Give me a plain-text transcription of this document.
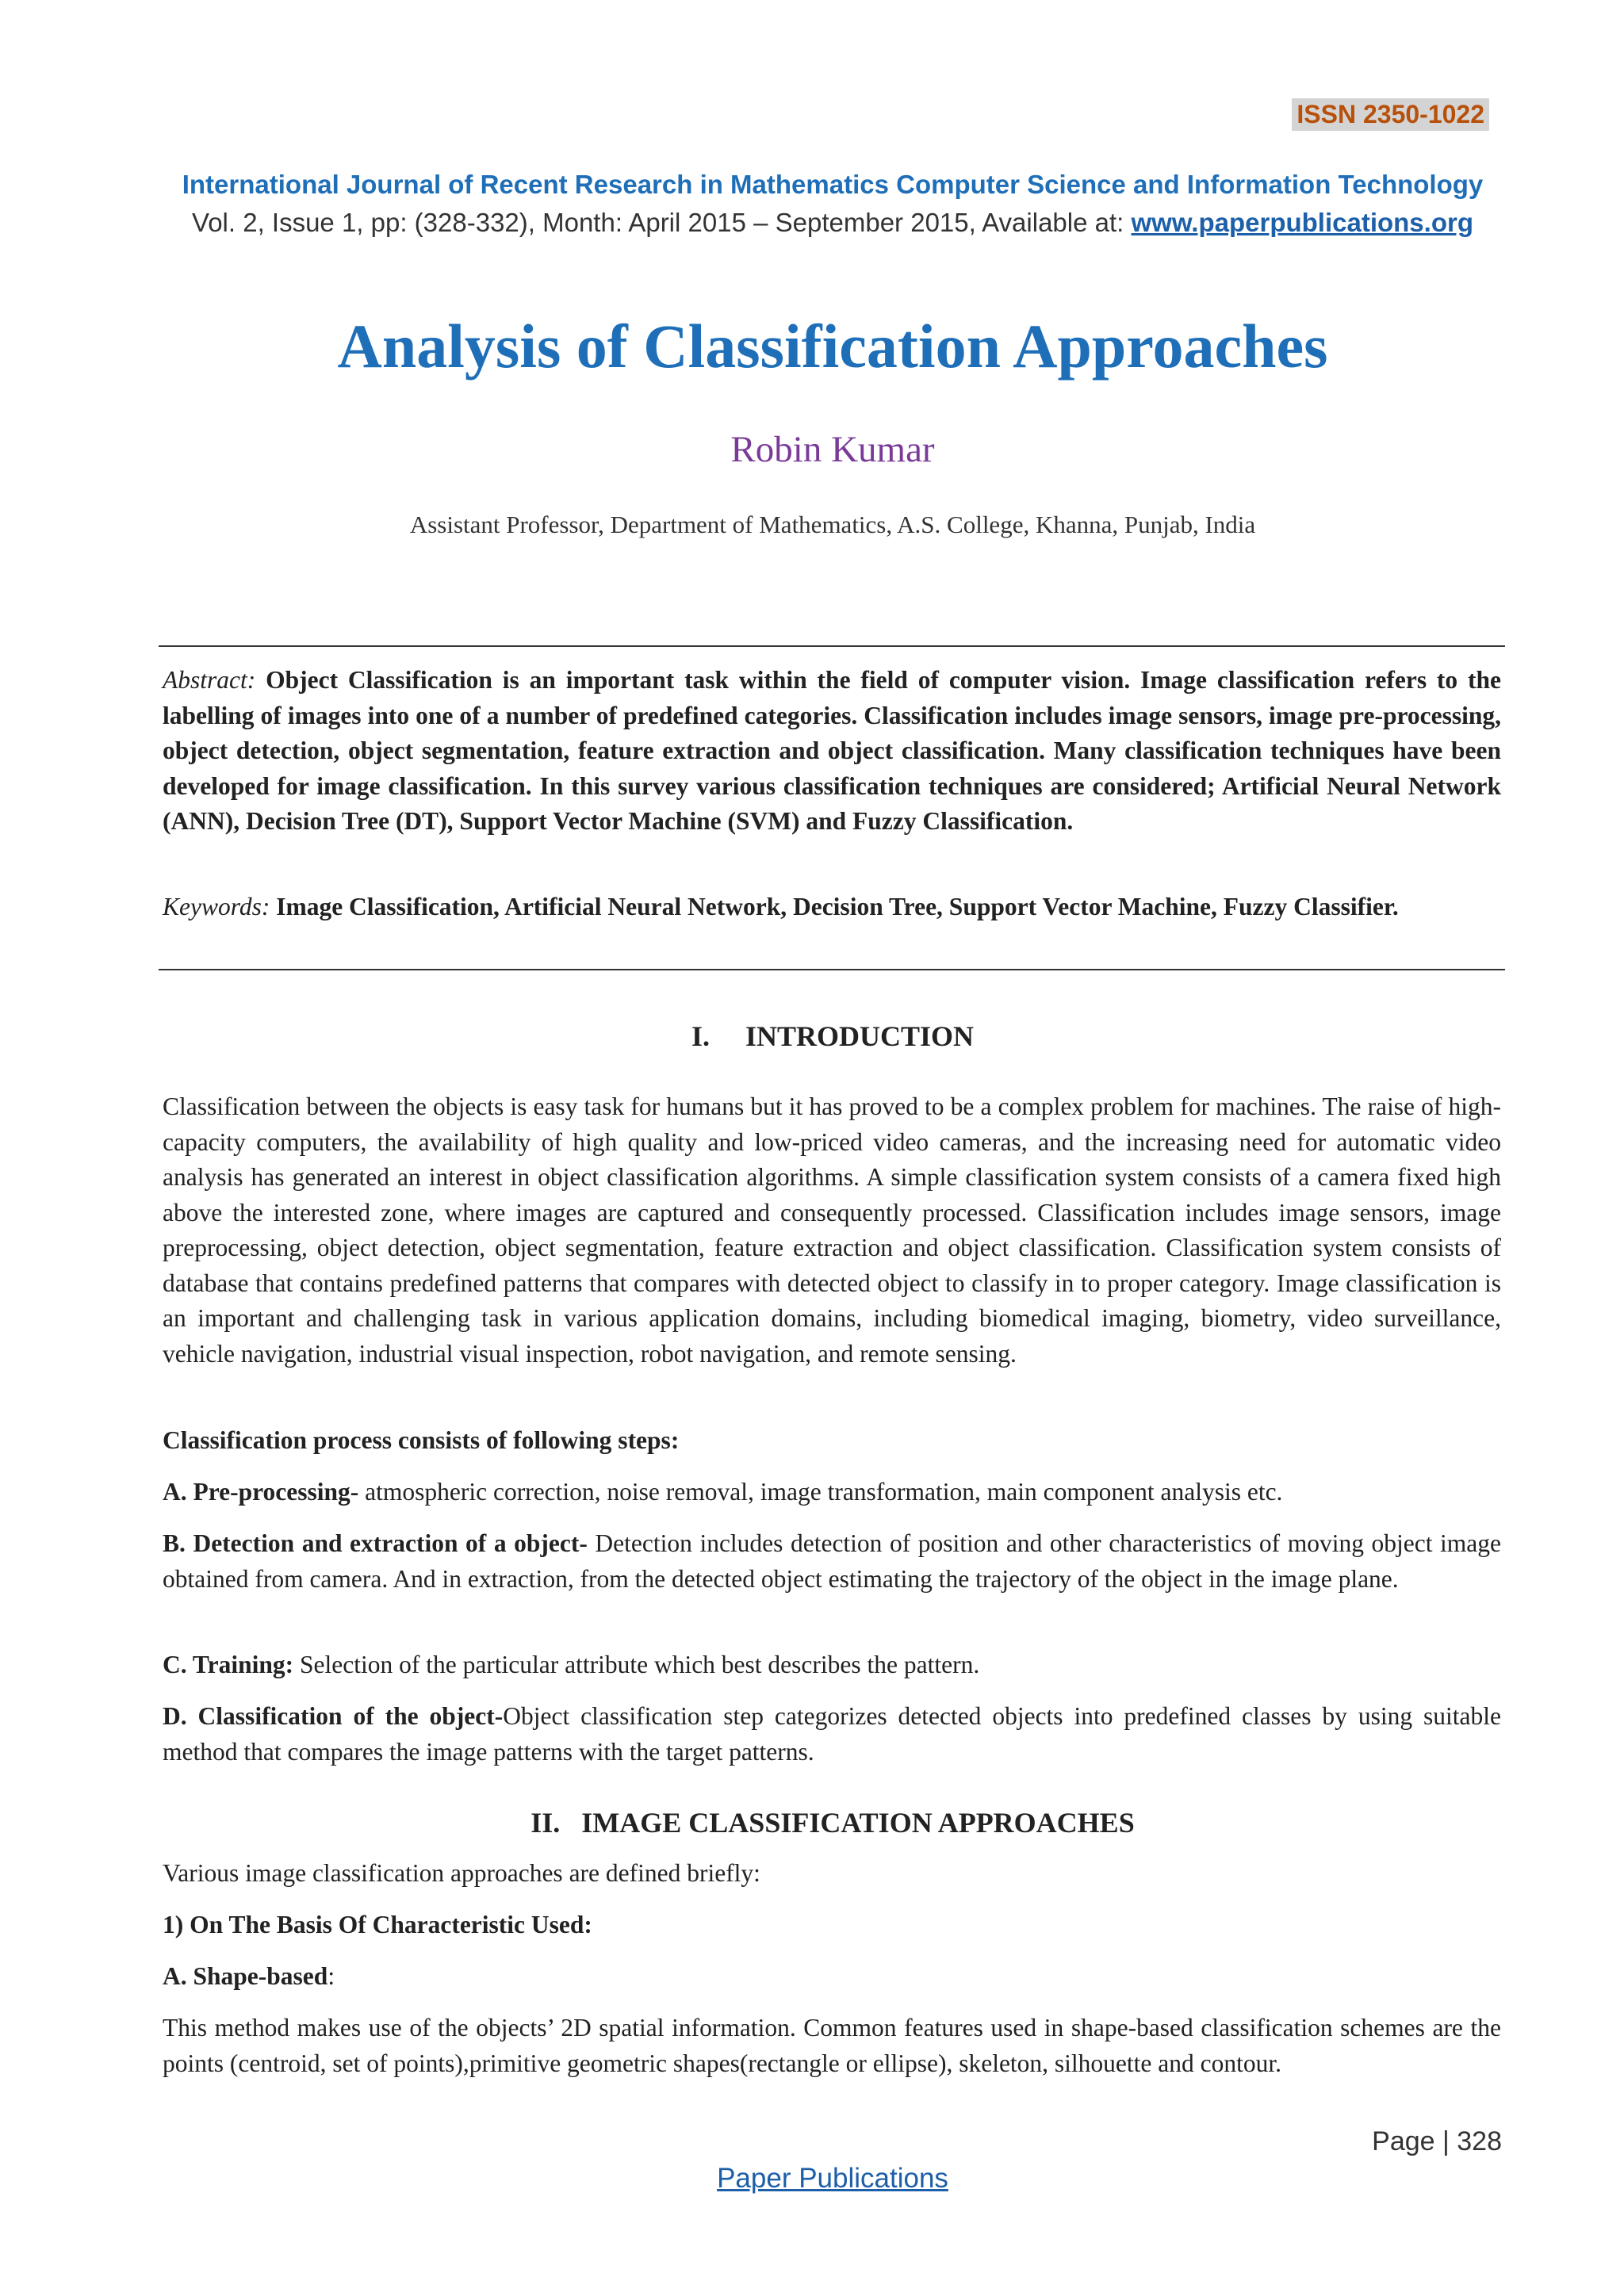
ISSN 2350-1022
International Journal of Recent Research in Mathematics Computer Science and Information Technology
Vol. 2, Issue 1, pp: (328-332), Month: April 2015 – September 2015, Available at: www.paperpublications.org
Analysis of Classification Approaches
Robin Kumar
Assistant Professor, Department of Mathematics, A.S. College, Khanna, Punjab, India

Abstract: Object Classification is an important task within the field of computer vision. Image classification refers to the labelling of images into one of a number of predefined categories. Classification includes image sensors, image pre-processing, object detection, object segmentation, feature extraction and object classification. Many classification techniques have been developed for image classification. In this survey various classification techniques are considered; Artificial Neural Network (ANN), Decision Tree (DT), Support Vector Machine (SVM) and Fuzzy Classification.

Keywords: Image Classification, Artificial Neural Network, Decision Tree, Support Vector Machine, Fuzzy Classifier.

I.     INTRODUCTION

Classification between the objects is easy task for humans but it has proved to be a complex problem for machines. The raise of high-capacity computers, the availability of high quality and low-priced video cameras, and the increasing need for automatic video analysis has generated an interest in object classification algorithms. A simple classification system consists of a camera fixed high above the interested zone, where images are captured and consequently processed. Classification includes image sensors, image preprocessing, object detection, object segmentation, feature extraction and object classification. Classification system consists of database that contains predefined patterns that compares with detected object to classify in to proper category. Image classification is an important and challenging task in various application domains, including biomedical imaging, biometry, video surveillance, vehicle navigation, industrial visual inspection, robot navigation, and remote sensing.

Classification process consists of following steps:

A. Pre-processing- atmospheric correction, noise removal, image transformation, main component analysis etc.

B. Detection and extraction of a object- Detection includes detection of position and other characteristics of moving object image obtained from camera. And in extraction, from the detected object estimating the trajectory of the object in the image plane.

C. Training: Selection of the particular attribute which best describes the pattern.

D. Classification of the object-Object classification step categorizes detected objects into predefined classes by using suitable method that compares the image patterns with the target patterns.

II.   IMAGE CLASSIFICATION APPROACHES

Various image classification approaches are defined briefly:

1) On The Basis Of Characteristic Used:

A. Shape-based:

This method makes use of the objects’ 2D spatial information. Common features used in shape-based classification schemes are the points (centroid, set of points),primitive geometric shapes(rectangle or ellipse), skeleton, silhouette and contour.

Page | 328
Paper Publications
